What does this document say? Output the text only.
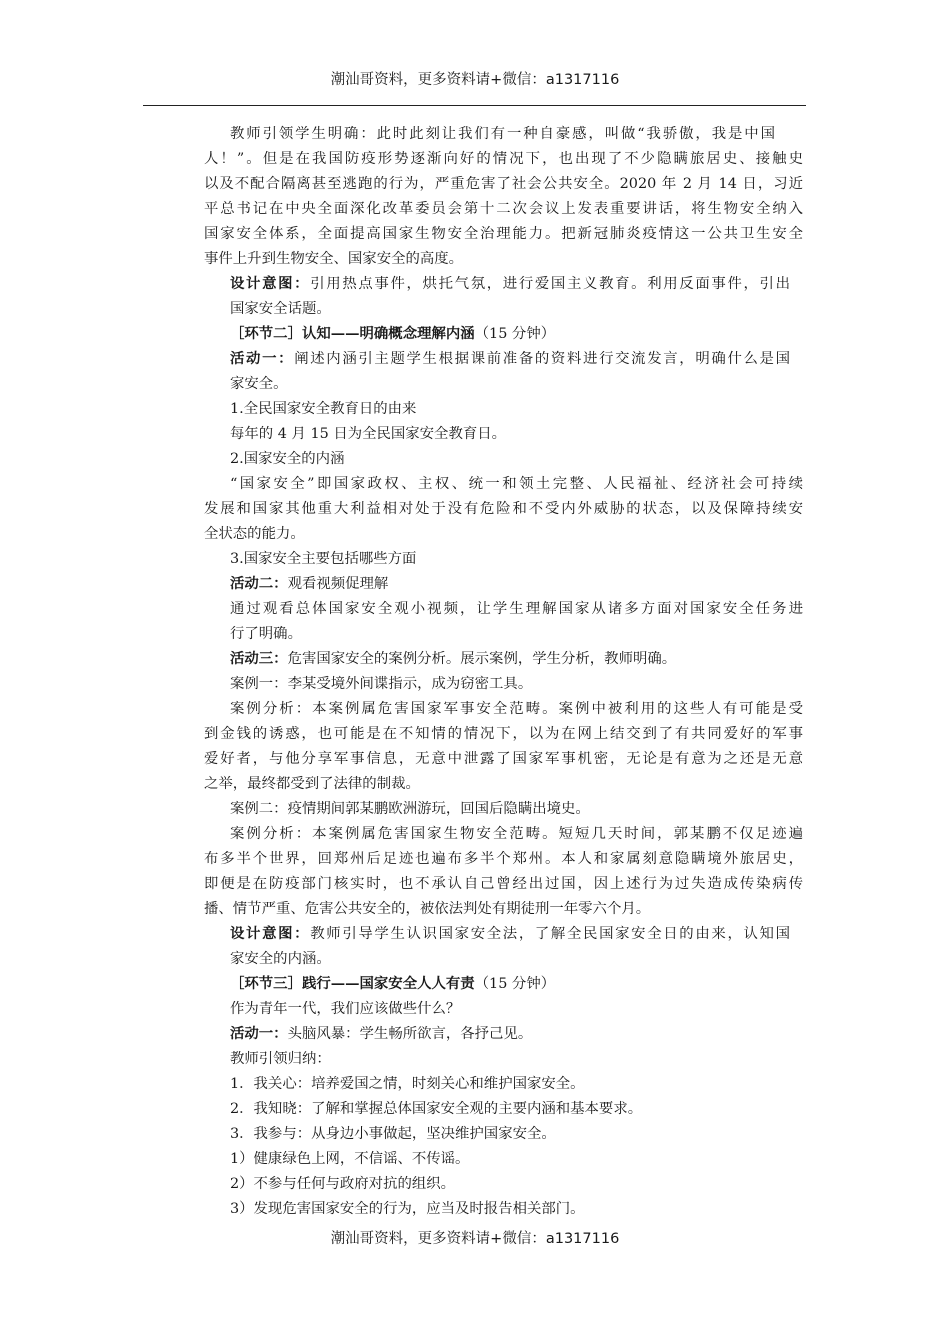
潮汕哥资料，更多资料请+微信：a1317116
教师引领学生明确：此时此刻让我们有一种自豪感，叫做“我骄傲，我是中国
人！”。但是在我国防疫形势逐渐向好的情况下，也出现了不少隐瞒旅居史、接触史
以及不配合隔离甚至逃跑的行为，严重危害了社会公共安全。2020 年 2 月 14 日，习近
平总书记在中央全面深化改革委员会第十二次会议上发表重要讲话，将生物安全纳入
国家安全体系，全面提高国家生物安全治理能力。把新冠肺炎疫情这一公共卫生安全
事件上升到生物安全、国家安全的高度。
设计意图：引用热点事件，烘托气氛，进行爱国主义教育。利用反面事件，引出
国家安全话题。
［环节二］认知——明确概念理解内涵（15 分钟）
活动一：阐述内涵引主题学生根据课前准备的资料进行交流发言，明确什么是国
家安全。
1.全民国家安全教育日的由来
每年的 4 月 15 日为全民国家安全教育日。
2.国家安全的内涵
“国家安全”即国家政权、主权、统一和领土完整、人民福祉、经济社会可持续
发展和国家其他重大利益相对处于没有危险和不受内外威胁的状态，以及保障持续安
全状态的能力。
3.国家安全主要包括哪些方面
活动二：观看视频促理解
通过观看总体国家安全观小视频，让学生理解国家从诸多方面对国家安全任务进
行了明确。
活动三：危害国家安全的案例分析。展示案例，学生分析，教师明确。
案例一：李某受境外间谍指示，成为窃密工具。
案例分析：本案例属危害国家军事安全范畴。案例中被利用的这些人有可能是受
到金钱的诱惑，也可能是在不知情的情况下，以为在网上结交到了有共同爱好的军事
爱好者，与他分享军事信息，无意中泄露了国家军事机密，无论是有意为之还是无意
之举，最终都受到了法律的制裁。
案例二：疫情期间郭某鹏欧洲游玩，回国后隐瞒出境史。
案例分析：本案例属危害国家生物安全范畴。短短几天时间，郭某鹏不仅足迹遍
布多半个世界，回郑州后足迹也遍布多半个郑州。本人和家属刻意隐瞒境外旅居史，
即便是在防疫部门核实时，也不承认自己曾经出过国，因上述行为过失造成传染病传
播、情节严重、危害公共安全的，被依法判处有期徒刑一年零六个月。
设计意图：教师引导学生认识国家安全法，了解全民国家安全日的由来，认知国
家安全的内涵。
［环节三］践行——国家安全人人有责（15 分钟）
作为青年一代，我们应该做些什么？
活动一：头脑风暴：学生畅所欲言，各抒己见。
教师引领归纳：
1．我关心：培养爱国之情，时刻关心和维护国家安全。
2．我知晓：了解和掌握总体国家安全观的主要内涵和基本要求。
3．我参与：从身边小事做起，坚决维护国家安全。
1）健康绿色上网，不信谣、不传谣。
2）不参与任何与政府对抗的组织。
3）发现危害国家安全的行为，应当及时报告相关部门。
潮汕哥资料，更多资料请+微信：a1317116
